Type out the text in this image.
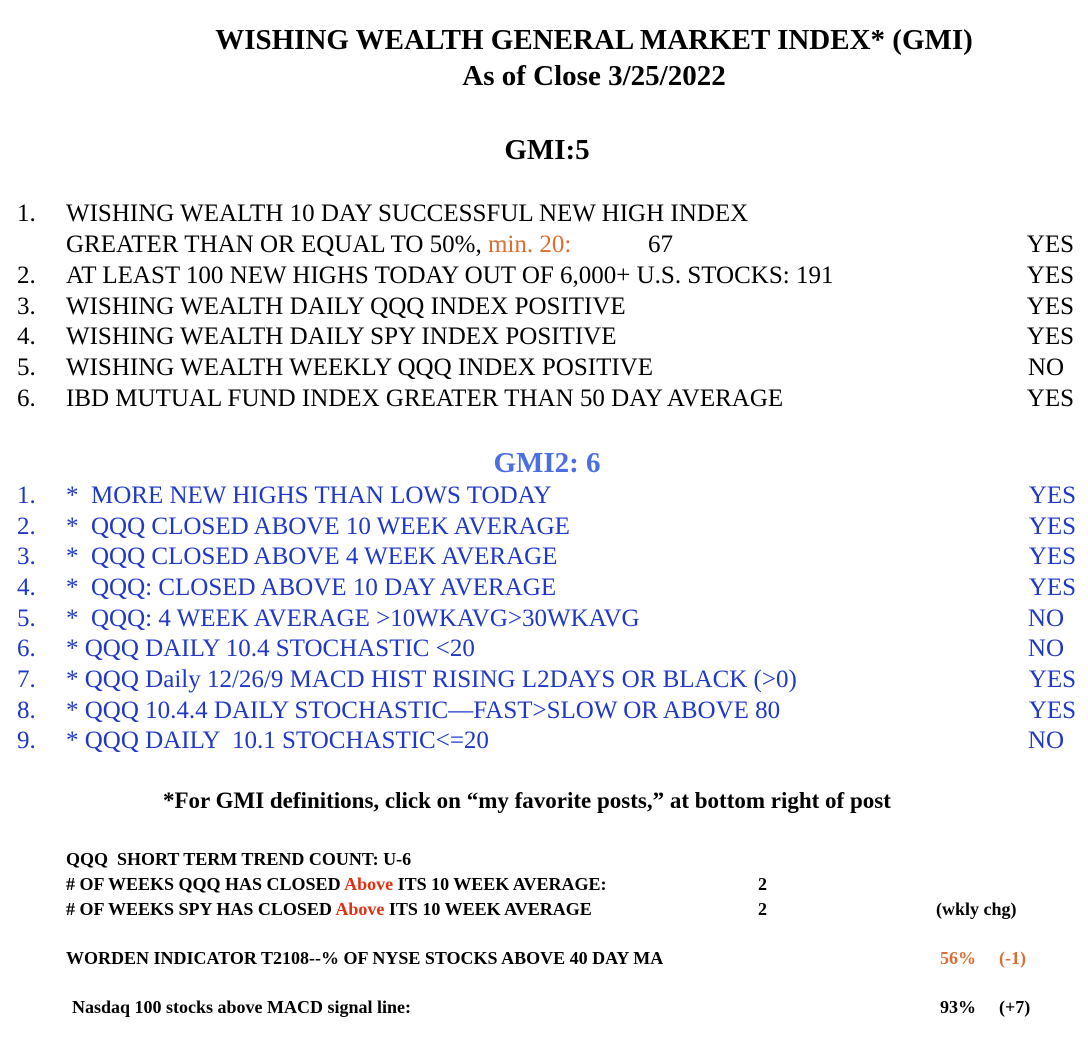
WISHING WEALTH GENERAL MARKET INDEX* (GMI)
As of Close 3/25/2022
GMI:5
1. WISHING WEALTH 10 DAY SUCCESSFUL NEW HIGH INDEX
GREATER THAN OR EQUAL TO 50%, min. 20:	67	YES
2. AT LEAST 100 NEW HIGHS TODAY OUT OF 6,000+ U.S. STOCKS: 191	YES
3. WISHING WEALTH DAILY QQQ INDEX POSITIVE	YES
4. WISHING WEALTH DAILY SPY INDEX POSITIVE	YES
5. WISHING WEALTH WEEKLY QQQ INDEX POSITIVE	NO
6. IBD MUTUAL FUND INDEX GREATER THAN 50 DAY AVERAGE	YES
GMI2: 6
1. *  MORE NEW HIGHS THAN LOWS TODAY	YES
2. *  QQQ CLOSED ABOVE 10 WEEK AVERAGE	YES
3. *  QQQ CLOSED ABOVE 4 WEEK AVERAGE	YES
4. *  QQQ: CLOSED ABOVE 10 DAY AVERAGE	YES
5. *  QQQ: 4 WEEK AVERAGE >10WKAVG>30WKAVG	NO
6. * QQQ DAILY 10.4 STOCHASTIC <20	NO
7. * QQQ Daily 12/26/9 MACD HIST RISING L2DAYS OR BLACK (>0)	YES
8. * QQQ 10.4.4 DAILY STOCHASTIC—FAST>SLOW OR ABOVE 80	YES
9. * QQQ DAILY  10.1 STOCHASTIC<=20	NO
*For GMI definitions, click on “my favorite posts,” at bottom right of post
QQQ  SHORT TERM TREND COUNT: U-6
# OF WEEKS QQQ HAS CLOSED Above ITS 10 WEEK AVERAGE:	2
# OF WEEKS SPY HAS CLOSED Above ITS 10 WEEK AVERAGE	2	(wkly chg)
WORDEN INDICATOR T2108--% OF NYSE STOCKS ABOVE 40 DAY MA	56% (-1)
Nasdaq 100 stocks above MACD signal line:	93% (+7)
